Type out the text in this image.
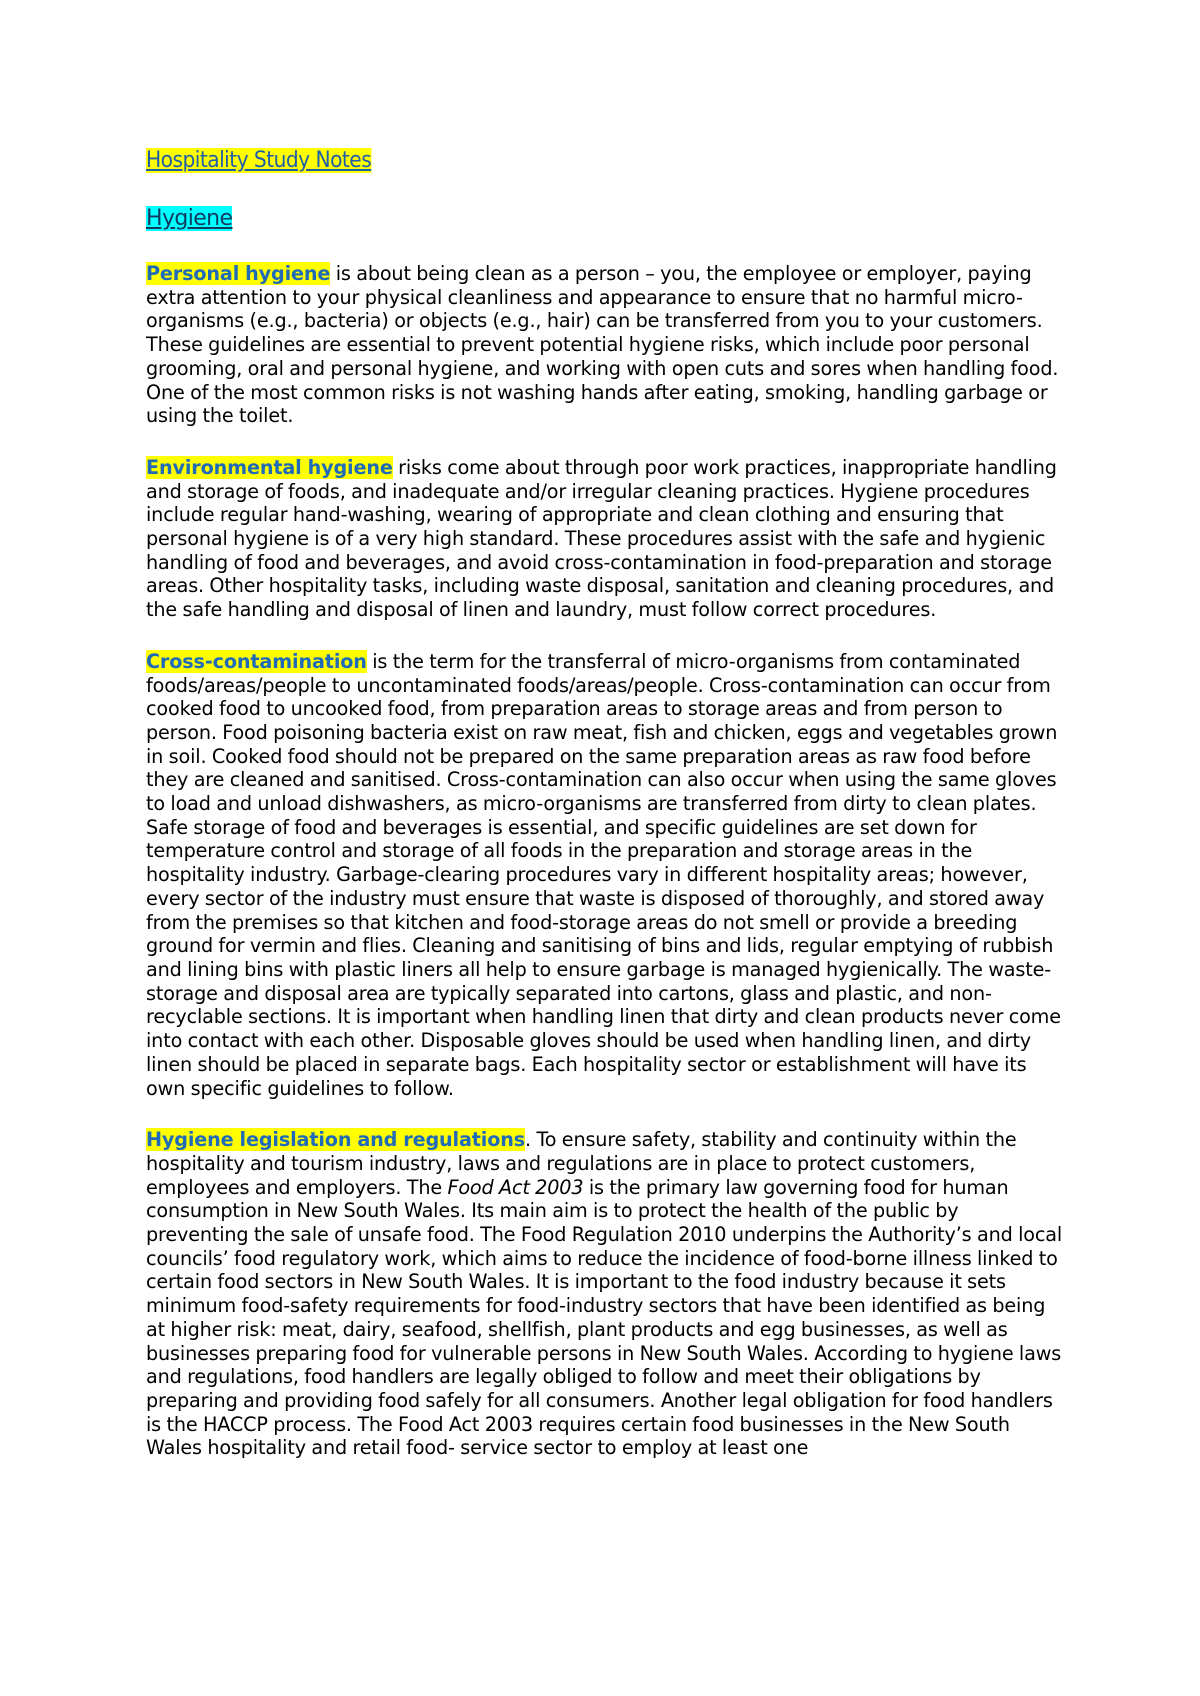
Hospitality Study Notes
Hygiene

Personal hygiene is about being clean as a person – you, the employee or employer, paying extra attention to your physical cleanliness and appearance to ensure that no harmful micro-organisms (e.g., bacteria) or objects (e.g., hair) can be transferred from you to your customers. These guidelines are essential to prevent potential hygiene risks, which include poor personal grooming, oral and personal hygiene, and working with open cuts and sores when handling food. One of the most common risks is not washing hands after eating, smoking, handling garbage or using the toilet.

Environmental hygiene risks come about through poor work practices, inappropriate handling and storage of foods, and inadequate and/or irregular cleaning practices. Hygiene procedures include regular hand-washing, wearing of appropriate and clean clothing and ensuring that personal hygiene is of a very high standard. These procedures assist with the safe and hygienic handling of food and beverages, and avoid cross-contamination in food-preparation and storage areas. Other hospitality tasks, including waste disposal, sanitation and cleaning procedures, and the safe handling and disposal of linen and laundry, must follow correct procedures.

Cross-contamination is the term for the transferral of micro-organisms from contaminated foods/areas/people to uncontaminated foods/areas/people. Cross-contamination can occur from cooked food to uncooked food, from preparation areas to storage areas and from person to person. Food poisoning bacteria exist on raw meat, fish and chicken, eggs and vegetables grown in soil. Cooked food should not be prepared on the same preparation areas as raw food before they are cleaned and sanitised. Cross-contamination can also occur when using the same gloves to load and unload dishwashers, as micro-organisms are transferred from dirty to clean plates. Safe storage of food and beverages is essential, and specific guidelines are set down for temperature control and storage of all foods in the preparation and storage areas in the hospitality industry. Garbage-clearing procedures vary in different hospitality areas; however, every sector of the industry must ensure that waste is disposed of thoroughly, and stored away from the premises so that kitchen and food-storage areas do not smell or provide a breeding ground for vermin and flies. Cleaning and sanitising of bins and lids, regular emptying of rubbish and lining bins with plastic liners all help to ensure garbage is managed hygienically. The waste-storage and disposal area are typically separated into cartons, glass and plastic, and non- recyclable sections. It is important when handling linen that dirty and clean products never come into contact with each other. Disposable gloves should be used when handling linen, and dirty linen should be placed in separate bags. Each hospitality sector or establishment will have its own specific guidelines to follow.

Hygiene legislation and regulations. To ensure safety, stability and continuity within the hospitality and tourism industry, laws and regulations are in place to protect customers, employees and employers. The Food Act 2003 is the primary law governing food for human consumption in New South Wales. Its main aim is to protect the health of the public by preventing the sale of unsafe food. The Food Regulation 2010 underpins the Authority’s and local councils’ food regulatory work, which aims to reduce the incidence of food-borne illness linked to certain food sectors in New South Wales. It is important to the food industry because it sets minimum food-safety requirements for food-industry sectors that have been identified as being at higher risk: meat, dairy, seafood, shellfish, plant products and egg businesses, as well as businesses preparing food for vulnerable persons in New South Wales. According to hygiene laws and regulations, food handlers are legally obliged to follow and meet their obligations by preparing and providing food safely for all consumers. Another legal obligation for food handlers is the HACCP process. The Food Act 2003 requires certain food businesses in the New South Wales hospitality and retail food- service sector to employ at least one
